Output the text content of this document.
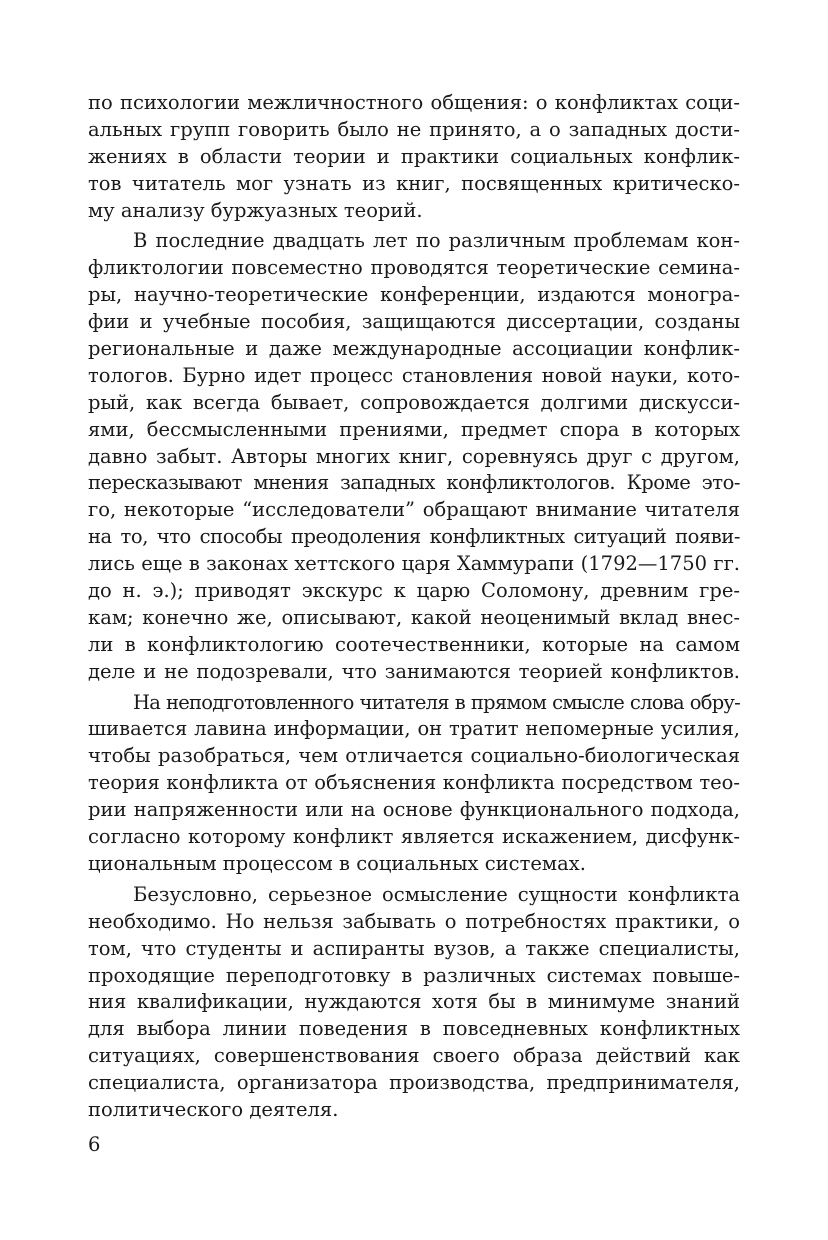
по психологии межличностного общения: о конфликтах соци-
альных групп говорить было не принято, а о западных дости-
жениях в области теории и практики социальных конфлик-
тов читатель мог узнать из книг, посвященных критическо-
му анализу буржуазных теорий.
В последние двадцать лет по различным проблемам кон-
фликтологии повсеместно проводятся теоретические семина-
ры, научно-теоретические конференции, издаются моногра-
фии и учебные пособия, защищаются диссертации, созданы
региональные и даже международные ассоциации конфлик-
тологов. Бурно идет процесс становления новой науки, кото-
рый, как всегда бывает, сопровождается долгими дискусси-
ями, бессмысленными прениями, предмет спора в которых
давно забыт. Авторы многих книг, соревнуясь друг с другом,
пересказывают мнения западных конфликтологов. Кроме это-
го, некоторые “исследователи” обращают внимание читателя
на то, что способы преодоления конфликтных ситуаций появи-
лись еще в законах хеттского царя Хаммурапи (1792—1750 гг.
до н. э.); приводят экскурс к царю Соломону, древним гре-
кам; конечно же, описывают, какой неоценимый вклад внес-
ли в конфликтологию соотечественники, которые на самом
деле и не подозревали, что занимаются теорией конфликтов.
На неподготовленного читателя в прямом смысле слова обру-
шивается лавина информации, он тратит непомерные усилия,
чтобы разобраться, чем отличается социально-биологическая
теория конфликта от объяснения конфликта посредством тео-
рии напряженности или на основе функционального подхода,
согласно которому конфликт является искажением, дисфунк-
циональным процессом в социальных системах.
Безусловно, серьезное осмысление сущности конфликта
необходимо. Но нельзя забывать о потребностях практики, о
том, что студенты и аспиранты вузов, а также специалисты,
проходящие переподготовку в различных системах повыше-
ния квалификации, нуждаются хотя бы в минимуме знаний
для выбора линии поведения в повседневных конфликтных
ситуациях, совершенствования своего образа действий как
специалиста, организатора производства, предпринимателя,
политического деятеля.
6
